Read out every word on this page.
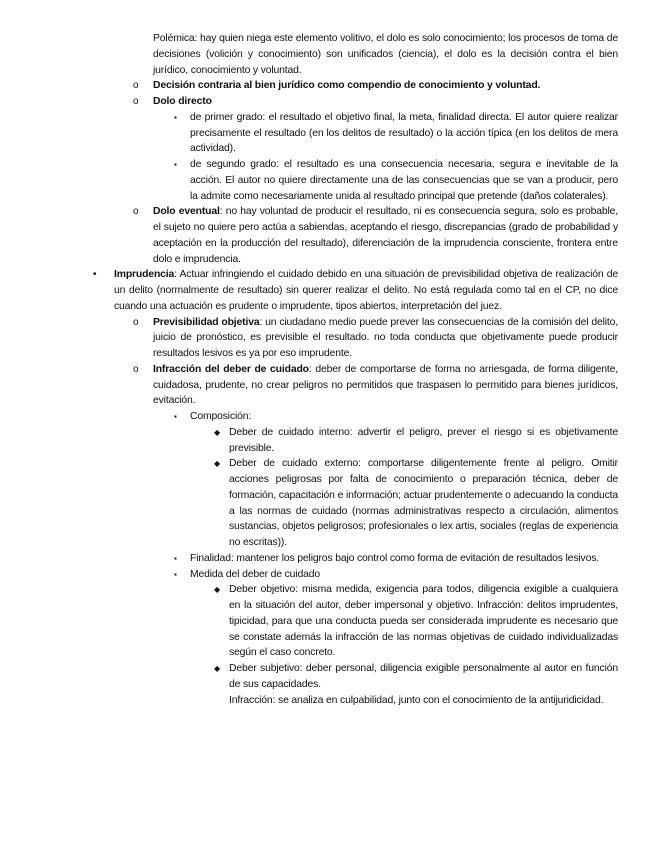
Polémica: hay quien niega este elemento volitivo, el dolo es solo conocimiento; los procesos de toma de decisiones (volición y conocimiento) son unificados (ciencia), el dolo es la decisión contra el bien jurídico, conocimiento y voluntad.

o Decisión contraria al bien jurídico como compendio de conocimiento y voluntad.

o Dolo directo

▪ de primer grado: el resultado el objetivo final, la meta, finalidad directa. El autor quiere realizar precisamente el resultado (en los delitos de resultado) o la acción típica (en los delitos de mera actividad).

▪ de segundo grado: el resultado es una consecuencia necesaria, segura e inevitable de la acción. El autor no quiere directamente una de las consecuencias que se van a producir, pero la admite como necesariamente unida al resultado principal que pretende (daños colaterales).

o Dolo eventual: no hay voluntad de producir el resultado, ni es consecuencia segura, solo es probable, el sujeto no quiere pero actúa a sabiendas, aceptando el riesgo, discrepancias (grado de probabilidad y aceptación en la producción del resultado), diferenciación de la imprudencia consciente, frontera entre dolo e imprudencia.

• Imprudencia: Actuar infringiendo el cuidado debido en una situación de previsibilidad objetiva de realización de un delito (normalmente de resultado) sin querer realizar el delito. No está regulada como tal en el CP, no dice cuando una actuación es prudente o imprudente, tipos abiertos, interpretación del juez.

o Previsibilidad objetiva: un ciudadano medio puede prever las consecuencias de la comisión del delito, juicio de pronóstico, es previsible el resultado. no toda conducta que objetivamente puede producir resultados lesivos es ya por eso imprudente.

o Infracción del deber de cuidado: deber de comportarse de forma no arriesgada, de forma diligente, cuidadosa, prudente, no crear peligros no permitidos que traspasen lo permitido para bienes jurídicos, evitación.

▪ Composición:

◆ Deber de cuidado interno: advertir el peligro, prever el riesgo si es objetivamente previsible.

◆ Deber de cuidado externo: comportarse diligentemente frente al peligro. Omitir acciones peligrosas por falta de conocimiento o preparación técnica, deber de formación, capacitación e información; actuar prudentemente o adecuando la conducta a las normas de cuidado (normas administrativas respecto a circulación, alimentos sustancias, objetos peligrosos; profesionales o lex artis, sociales (reglas de experiencia no escritas)).

▪ Finalidad: mantener los peligros bajo control como forma de evitación de resultados lesivos.

▪ Medida del deber de cuidado

◆ Deber objetivo: misma medida, exigencia para todos, diligencia exigible a cualquiera en la situación del autor, deber impersonal y objetivo. Infracción: delitos imprudentes, tipicidad, para que una conducta pueda ser considerada imprudente es necesario que se constate además la infracción de las normas objetivas de cuidado individualizadas según el caso concreto.

◆ Deber subjetivo: deber personal, diligencia exigible personalmente al autor en función de sus capacidades.
Infracción: se analiza en culpabilidad, junto con el conocimiento de la antijuridicidad.
